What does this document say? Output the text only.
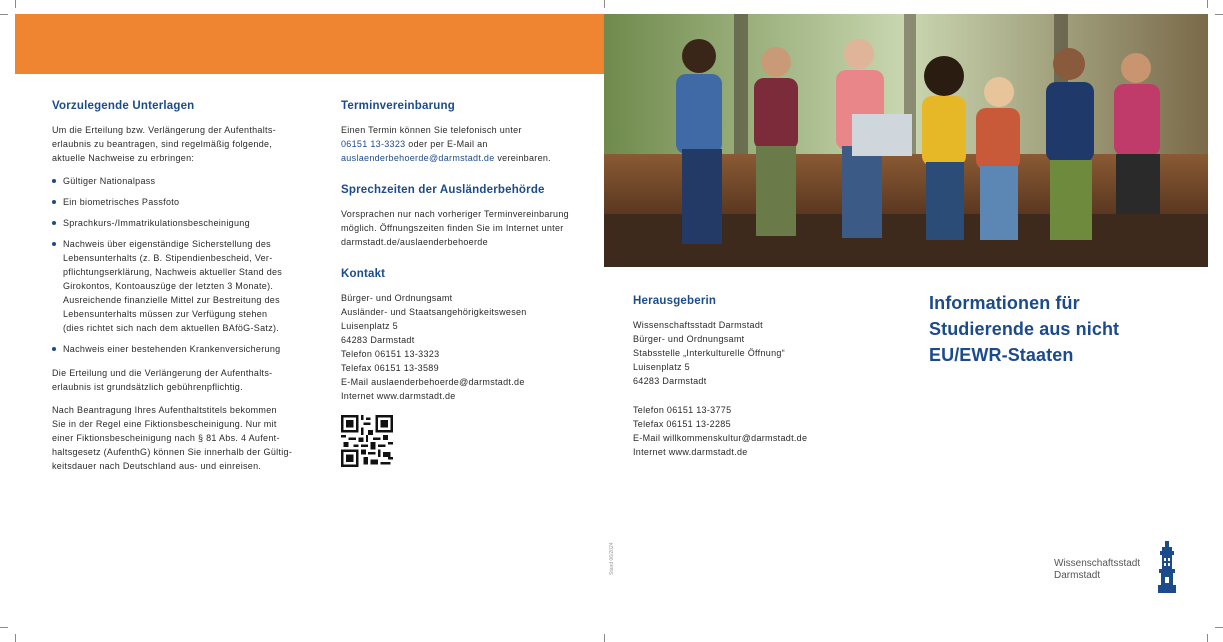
Vorzulegende Unterlagen

Um die Erteilung bzw. Verlängerung der Aufenthalts-
erlaubnis zu beantragen, sind regelmäßig folgende,
aktuelle Nachweise zu erbringen:

Gültiger Nationalpass
Ein biometrisches Passfoto
Sprachkurs-/Immatrikulationsbescheinigung
Nachweis über eigenständige Sicherstellung des
Lebensunterhalts (z. B. Stipendienbescheid, Ver-
pflichtungserklärung, Nachweis aktueller Stand des
Girokontos, Kontoauszüge der letzten 3 Monate).
Ausreichende finanzielle Mittel zur Bestreitung des
Lebensunterhalts müssen zur Verfügung stehen
(dies richtet sich nach dem aktuellen BAföG-Satz).
Nachweis einer bestehenden Krankenversicherung

Die Erteilung und die Verlängerung der Aufenthalts-
erlaubnis ist grundsätzlich gebührenpflichtig.

Nach Beantragung Ihres Aufenthaltstitels bekommen
Sie in der Regel eine Fiktionsbescheinigung. Nur mit
einer Fiktionsbescheinigung nach § 81 Abs. 4 Aufent-
haltsgesetz (AufenthG) können Sie innerhalb der Gültig-
keitsdauer nach Deutschland aus- und einreisen.

Terminvereinbarung

Einen Termin können Sie telefonisch unter
06151 13-3323 oder per E-Mail an
auslaenderbehoerde@darmstadt.de vereinbaren.

Sprechzeiten der Ausländerbehörde

Vorsprachen nur nach vorheriger Terminvereinbarung
möglich. Öffnungszeiten finden Sie im Internet unter
darmstadt.de/auslaenderbehoerde

Kontakt

Bürger- und Ordnungsamt
Ausländer- und Staatsangehörigkeitswesen
Luisenplatz 5
64283 Darmstadt
Telefon 06151 13-3323
Telefax 06151 13-3589
E-Mail auslaenderbehoerde@darmstadt.de
Internet www.darmstadt.de

Herausgeberin

Wissenschaftsstadt Darmstadt
Bürger- und Ordnungsamt
Stabsstelle „Interkulturelle Öffnung“
Luisenplatz 5
64283 Darmstadt

Telefon 06151 13-3775
Telefax 06151 13-2285
E-Mail willkommenskultur@darmstadt.de
Internet www.darmstadt.de

Stand 06/2024
Informationen für
Studierende aus nicht
EU/EWR-Staaten
Wissenschaftsstadt
Darmstadt
